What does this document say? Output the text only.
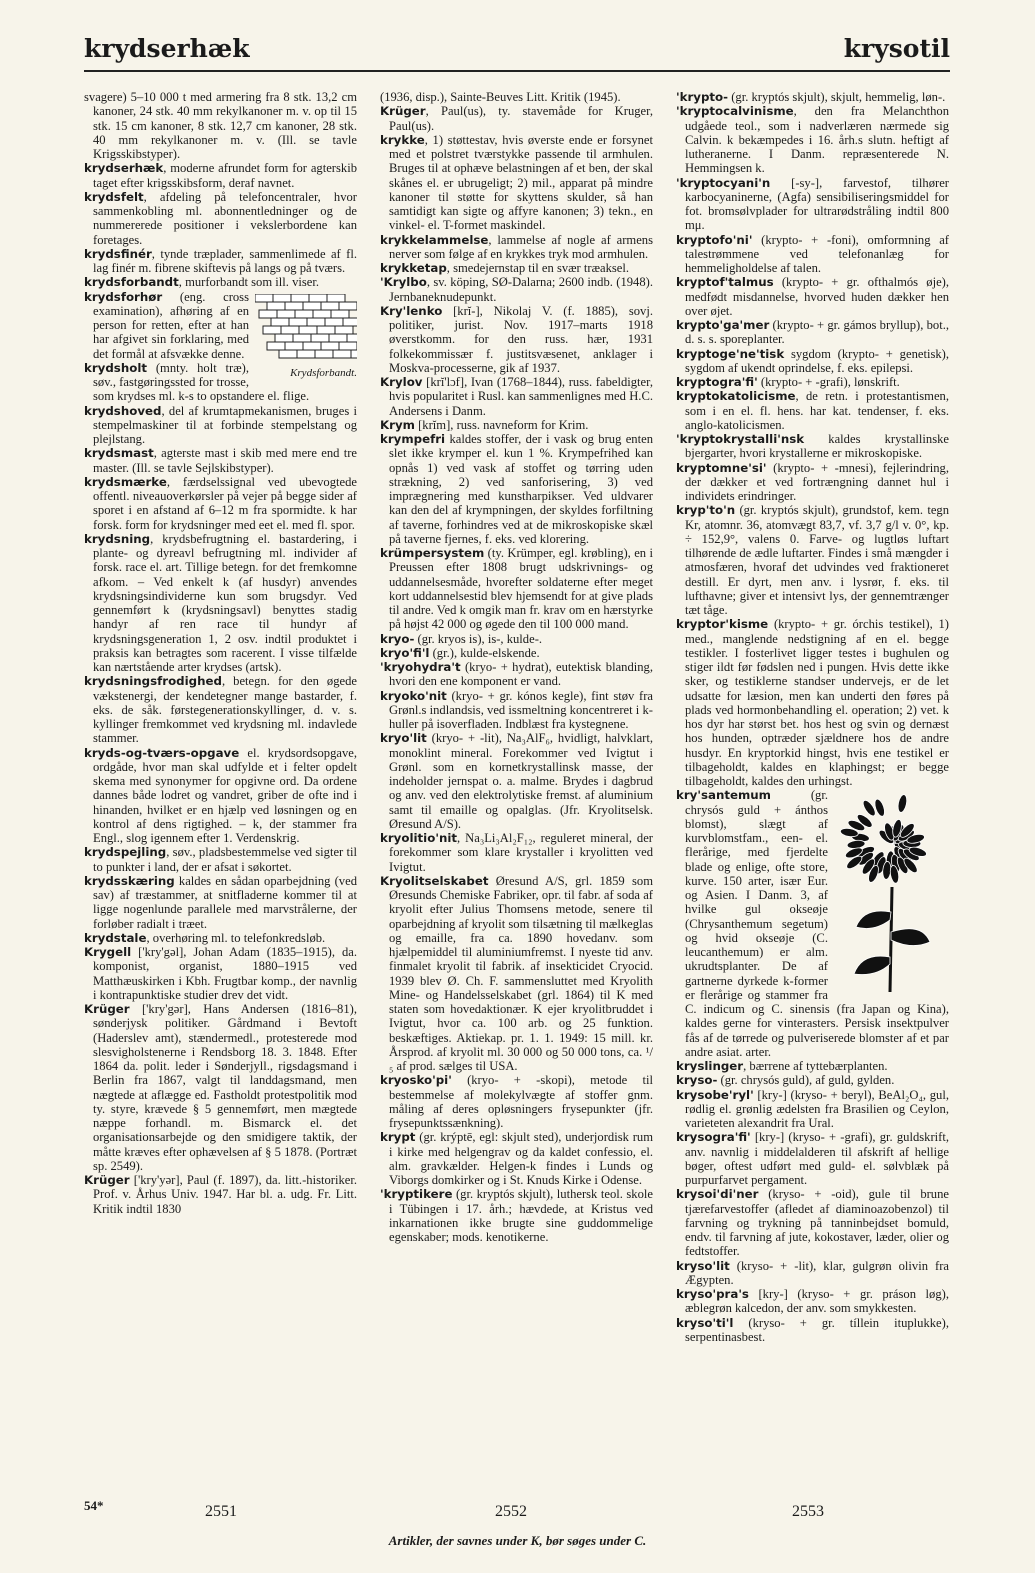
krydserhæk	krysotil

svagere) 5–10 000 t med armering fra 8 stk. 13,2 cm kanoner, 24 stk. 40 mm rekylkanoner m. v. op til 15 stk. 15 cm kanoner, 8 stk. 12,7 cm kanoner, 28 stk. 40 mm rekylkanoner m. v. (Ill. se tavle Krigsskibstyper).

krydserhæk, moderne afrundet form for agterskib taget efter krigsskibsform, deraf navnet.

krydsfelt, afdeling på telefoncentraler, hvor sammenkobling ml. abonnentledninger og de nummererede positioner i vekslerbordene kan foretages.

krydsfinér, tynde træplader, sammenlimede af fl. lag finér m. fibrene skiftevis på langs og på tværs.

krydsforbandt, murforbandt som ill. viser.

Krydsforbandt.

krydsforhør (eng. cross examination), afhøring af en person for retten, efter at han har afgivet sin forklaring, med det formål at afsvække denne.

krydsholt (mnty. holt træ), søv., fastgøringssted for trosse, som krydses ml. k-s to opstandere el. flige.

krydshoved, del af krumtapmekanismen, bruges i stempelmaskiner til at forbinde stempelstang og plejlstang.

krydsmast, agterste mast i skib med mere end tre master. (Ill. se tavle Sejlskibstyper).

krydsmærke, færdselssignal ved ubevogtede offentl. niveauoverkørsler på vejer på begge sider af sporet i en afstand af 6–12 m fra spormidte. k har forsk. form for krydsninger med eet el. med fl. spor.

krydsning, krydsbefrugtning el. bastardering, i plante- og dyreavl befrugtning ml. individer af forsk. race el. art. Tillige betegn. for det fremkomne afkom. – Ved enkelt k (af husdyr) anvendes krydsningsindividerne kun som brugsdyr. Ved gennemført k (krydsningsavl) benyttes stadig handyr af ren race til hundyr af krydsningsgeneration 1, 2 osv. indtil produktet i praksis kan betragtes som racerent. I visse tilfælde kan nærtstående arter krydses (artsk).

krydsningsfrodighed, betegn. for den øgede vækstenergi, der kendetegner mange bastarder, f. eks. de såk. førstegenerationskyllinger, d. v. s. kyllinger fremkommet ved krydsning ml. indavlede stammer.

kryds-og-tværs-opgave el. krydsordsopgave, ordgåde, hvor man skal udfylde et i felter opdelt skema med synonymer for opgivne ord. Da ordene dannes både lodret og vandret, griber de ofte ind i hinanden, hvilket er en hjælp ved løsningen og en kontrol af dens rigtighed. – k, der stammer fra Engl., slog igennem efter 1. Verdenskrig.

krydspejling, søv., pladsbestemmelse ved sigter til to punkter i land, der er afsat i søkortet.

krydsskæring kaldes en sådan oparbejdning (ved sav) af træstammer, at snitfladerne kommer til at ligge nogenlunde parallele med marvstrålerne, der forløber radialt i træet.

krydstale, overhøring ml. to telefonkredsløb.

Krygell ['kry'gəl], Johan Adam (1835–1915), da. komponist, organist, 1880–1915 ved Matthæuskirken i Kbh. Frugtbar komp., der navnlig i kontrapunktiske studier drev det vidt.

Krüger ['kry'gər], Hans Andersen (1816–81), sønderjysk politiker. Gårdmand i Bevtoft (Haderslev amt), stændermedl., protesterede mod slesvigholstenerne i Rendsborg 18. 3. 1848. Efter 1864 da. polit. leder i Sønderjyll., rigsdagsmand i Berlin fra 1867, valgt til landdagsmand, men nægtede at aflægge ed. Fastholdt protestpolitik mod ty. styre, krævede § 5 gennemført, men mægtede næppe forhandl. m. Bismarck el. det organisationsarbejde og den smidigere taktik, der måtte kræves efter ophævelsen af § 5 1878. (Portræt sp. 2549).

Krüger ['kry'yər], Paul (f. 1897), da. litt.-historiker. Prof. v. Århus Univ. 1947. Har bl. a. udg. Fr. Litt. Kritik indtil 1830

(1936, disp.), Sainte-Beuves Litt. Kritik (1945).

Krüger, Paul(us), ty. stavemåde for Kruger, Paul(us).

krykke, 1) støttestav, hvis øverste ende er forsynet med et polstret tværstykke passende til armhulen. Bruges til at ophæve belastningen af et ben, der skal skånes el. er ubrugeligt; 2) mil., apparat på mindre kanoner til støtte for skyttens skulder, så han samtidigt kan sigte og affyre kanonen; 3) tekn., en vinkel- el. T-formet maskindel.

krykkelammelse, lammelse af nogle af armens nerver som følge af en krykkes tryk mod armhulen.

krykketap, smedejernstap til en svær træaksel.

'Krylbo, sv. köping, SØ-Dalarna; 2600 indb. (1948). Jernbaneknudepunkt.

Kry'lenko [krĭ-], Nikolaj V. (f. 1885), sovj. politiker, jurist. Nov. 1917–marts 1918 øverstkomm. for den russ. hær, 1931 folkekommissær f. justitsvæsenet, anklager i Moskva-processerne, gik af 1937.

Krylov [krĭ'lɔf], Ivan (1768–1844), russ. fabeldigter, hvis popularitet i Rusl. kan sammenlignes med H.C. Andersens i Danm.

Krym [krĭm], russ. navneform for Krim.

krympefri kaldes stoffer, der i vask og brug enten slet ikke krymper el. kun 1 %. Krympefrihed kan opnås 1) ved vask af stoffet og tørring uden strækning, 2) ved sanforisering, 3) ved imprægnering med kunstharpikser. Ved uldvarer kan den del af krympningen, der skyldes forfiltning af taverne, forhindres ved at de mikroskopiske skæl på taverne fjernes, f. eks. ved klorering.

krümpersystem (ty. Krümper, egl. krøbling), en i Preussen efter 1808 brugt udskrivnings- og uddannelsesmåde, hvorefter soldaterne efter meget kort uddannelsestid blev hjemsendt for at give plads til andre. Ved k omgik man fr. krav om en hærstyrke på højst 42 000 og øgede den til 100 000 mand.

kryo- (gr. kryos is), is-, kulde-.

kryo'fi'l (gr.), kulde-elskende.

'kryohydra't (kryo- + hydrat), eutektisk blanding, hvori den ene komponent er vand.

kryoko'nit (kryo- + gr. kónos kegle), fint støv fra Grønl.s indlandsis, ved issmeltning koncentreret i k-huller på isoverfladen. Indblæst fra kystegnene.

kryo'lit (kryo- + -lit), Na₃AlF₆, hvidligt, halvklart, monoklint mineral. Forekommer ved Ivigtut i Grønl. som en kornetkrystallinsk masse, der indeholder jernspat o. a. malme. Brydes i dagbrud og anv. ved den elektrolytiske fremst. af aluminium samt til emaille og opalglas. (Jfr. Kryolitselsk. Øresund A/S).

kryolitio'nit, Na₃Li₃Al₂F₁₂, reguleret mineral, der forekommer som klare krystaller i kryolitten ved Ivigtut.

Kryolitselskabet Øresund A/S, grl. 1859 som Øresunds Chemiske Fabriker, opr. til fabr. af soda af kryolit efter Julius Thomsens metode, senere til oparbejdning af kryolit som tilsætning til mælkeglas og emaille, fra ca. 1890 hovedanv. som hjælpemiddel til aluminiumfremst. I nyeste tid anv. finmalet kryolit til fabrik. af insekticidet Cryocid. 1939 blev Ø. Ch. F. sammensluttet med Kryolith Mine- og Handelsselskabet (grl. 1864) til K med staten som hovedaktionær. K ejer kryolitbruddet i Ivigtut, hvor ca. 100 arb. og 25 funktion. beskæftiges. Aktiekap. pr. 1. 1. 1949: 15 mill. kr. Årsprod. af kryolit ml. 30 000 og 50 000 tons, ca. ¹/₅ af prod. sælges til USA.

kryosko'pi' (kryo- + -skopi), metode til bestemmelse af molekylvægte af stoffer gnm. måling af deres opløsningers frysepunkter (jfr. frysepunktssænkning).

krypt (gr. krýptē, egl: skjult sted), underjordisk rum i kirke med helgengrav og da kaldet confessio, el. alm. gravkælder. Helgen-k findes i Lunds og Viborgs domkirker og i St. Knuds Kirke i Odense.

'kryptikere (gr. kryptós skjult), luthersk teol. skole i Tübingen i 17. årh.; hævdede, at Kristus ved inkarnationen ikke brugte sine guddommelige egenskaber; mods. kenotikerne.

'krypto- (gr. kryptós skjult), skjult, hemmelig, løn-.

'kryptocalvinisme, den fra Melanchthon udgåede teol., som i nadverlæren nærmede sig Calvin. k bekæmpedes i 16. årh.s slutn. heftigt af lutheranerne. I Danm. repræsenterede N. Hemmingsen k.

'kryptocyani'n [-sy-], farvestof, tilhører karbocyaninerne, (Agfa) sensibiliseringsmiddel for fot. bromsølvplader for ultrarødstråling indtil 800 mμ.

kryptofo'ni' (krypto- + -foni), omformning af talestrømmene ved telefonanlæg for hemmeligholdelse af talen.

kryptof'talmus (krypto- + gr. ofthalmós øje), medfødt misdannelse, hvorved huden dækker hen over øjet.

krypto'ga'mer (krypto- + gr. gámos bryllup), bot., d. s. s. sporeplanter.

kryptoge'ne'tisk sygdom (krypto- + genetisk), sygdom af ukendt oprindelse, f. eks. epilepsi.

kryptogra'fi' (krypto- + -grafi), lønskrift.

kryptokatolicisme, de retn. i protestantismen, som i en el. fl. hens. har kat. tendenser, f. eks. anglo-katolicismen.

'kryptokrystalli'nsk kaldes krystallinske bjergarter, hvori krystallerne er mikroskopiske.

kryptomne'si' (krypto- + -mnesi), fejlerindring, der dækker et ved fortrængning dannet hul i individets erindringer.

kryp'to'n (gr. kryptós skjult), grundstof, kem. tegn Kr, atomnr. 36, atomvægt 83,7, vf. 3,7 g/l v. 0°, kp. ÷ 152,9°, valens 0. Farve- og lugtløs luftart tilhørende de ædle luftarter. Findes i små mængder i atmosfæren, hvoraf det udvindes ved fraktioneret destill. Er dyrt, men anv. i lysrør, f. eks. til lufthavne; giver et intensivt lys, der gennemtrænger tæt tåge.

kryptor'kisme (krypto- + gr. órchis testikel), 1) med., manglende nedstigning af en el. begge testikler. I fosterlivet ligger testes i bughulen og stiger ildt før fødslen ned i pungen. Hvis dette ikke sker, og testiklerne standser undervejs, er de let udsatte for læsion, men kan underti den føres på plads ved hormonbehandling el. operation; 2) vet. k hos dyr har størst bet. hos hest og svin og dernæst hos hunden, optræder sjældnere hos de andre husdyr. En kryptorkid hingst, hvis ene testikel er tilbageholdt, kaldes en klaphingst; er begge tilbageholdt, kaldes den urhingst.

kry'santemum (gr. chrysós guld + ánthos blomst), slægt af kurvblomstfam., een- el. flerårige, med fjerdelte blade og enlige, ofte store, kurve. 150 arter, især Eur. og Asien. I Danm. 3, af hvilke gul okseøje (Chrysanthemum segetum) og hvid okseøje (C. leucanthemum) er alm. ukrudtsplanter. De af gartnerne dyrkede k-former er flerårige og stammer fra C. indicum og C. sinensis (fra Japan og Kina), kaldes gerne for vinterasters. Persisk insektpulver fås af de tørrede og pulveriserede blomster af et par andre asiat. arter.

kryslinger, bærrene af tyttebærplanten.

kryso- (gr. chrysós guld), af guld, gylden.

krysobe'ryl' [kry-] (kryso- + beryl), BeAl₂O₄, gul, rødlig el. grønlig ædelsten fra Brasilien og Ceylon, varieteten alexandrit fra Ural.

krysogra'fi' [kry-] (kryso- + -grafi), gr. guldskrift, anv. navnlig i middelalderen til afskrift af hellige bøger, oftest udført med guld- el. sølvblæk på purpurfarvet pergament.

krysoi'di'ner (kryso- + -oid), gule til brune tjærefarvestoffer (afledet af diaminoazobenzol) til farvning og trykning på tanninbejdset bomuld, endv. til farvning af jute, kokostaver, læder, olier og fedtstoffer.

kryso'lit (kryso- + -lit), klar, gulgrøn olivin fra Ægypten.

kryso'pra's [kry-] (kryso- + gr. práson løg), æblegrøn kalcedon, der anv. som smykkesten.

kryso'ti'l (kryso- + gr. tíllein ituplukke), serpentinasbest.

54*	2551	2552	2553
Artikler, der savnes under K, bør søges under C.
